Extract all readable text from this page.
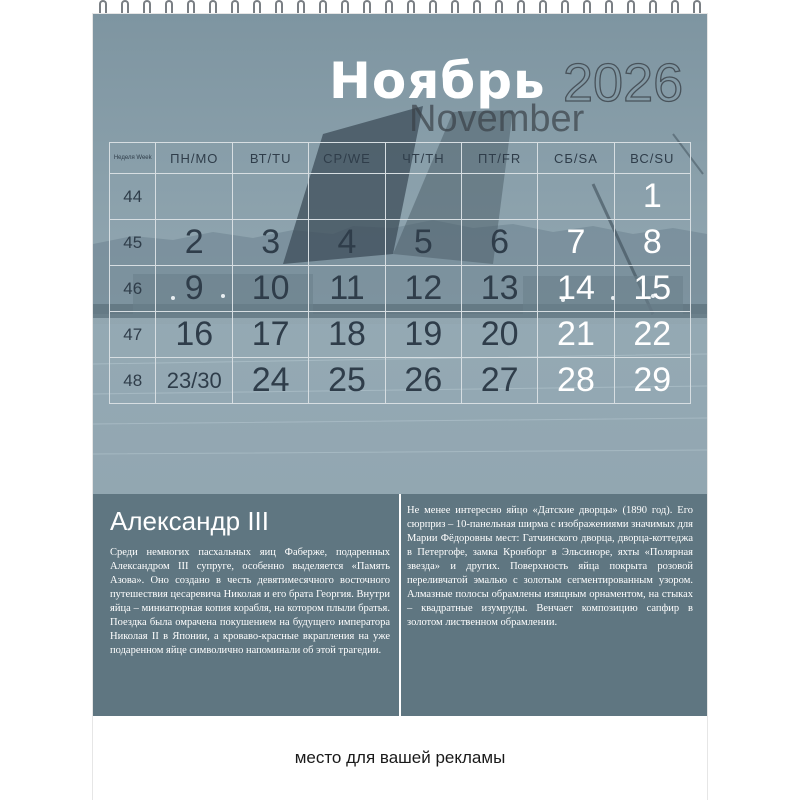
Ноябрь
November
2026
Неделя Week	ПН/MO	ВТ/TU	СР/WE	ЧТ/TH	ПТ/FR	СБ/SA	ВС/SU
44							1
45	2	3	4	5	6	7	8
46	9	10	11	12	13	14	15
47	16	17	18	19	20	21	22
48	23/30	24	25	26	27	28	29
Александр III
Среди немногих пасхальных яиц Фаберже, подаренных Александром III супруге, особенно выделяется «Память Азова». Оно создано в честь девятимесячного восточного путешествия цесаревича Николая и его брата Георгия. Внутри яйца – миниатюрная копия корабля, на котором плыли братья. Поездка была омрачена покушением на будущего императора Николая II в Японии, а кроваво-красные вкрапления на уже подаренном яйце символично напоминали об этой трагедии.
Не менее интересно яйцо «Датские дворцы» (1890 год). Его сюрприз – 10-панельная ширма с изображениями значимых для Марии Фёдоровны мест: Гатчинского дворца, дворца-коттеджа в Петергофе, замка Кронборг в Эльсиноре, яхты «Полярная звезда» и других. Поверхность яйца покрыта розовой переливчатой эмалью с золотым сегментированным узором. Алмазные полосы обрамлены изящным орнаментом, на стыках – квадратные изумруды. Венчает композицию сапфир в золотом лиственном обрамлении.
место для вашей рекламы
